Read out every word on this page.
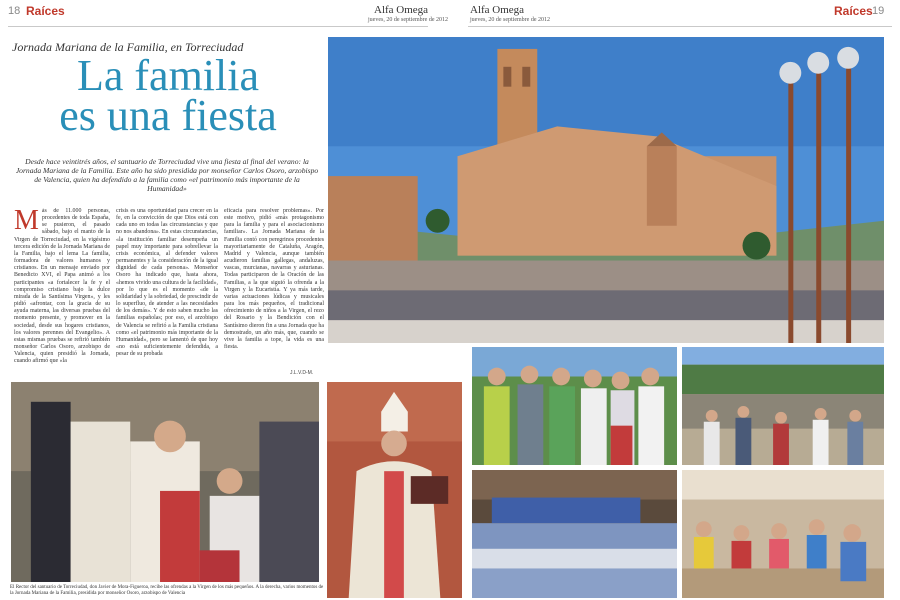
18 Raíces	Alfa Omega
jueves, 20 de septiembre de 2012
Alfa Omega
jueves, 20 de septiembre de 2012
Raíces 19
Jornada Mariana de la Familia, en Torreciudad
La familia
es una fiesta
Desde hace veintitrés años, el santuario de Torreciudad vive una fiesta al final del verano: la Jornada Mariana de la Familia. Este año ha sido presidida por monseñor Carlos Osoro, arzobispo de Valencia, quien ha defendido a la familia como «el patrimonio más importante de la Humanidad»
M ás de 11.000 personas, procedentes de toda España, se pusieron, el pasado sábado, bajo el manto de la Virgen de Torreciudad, en la vigésimo tercera edición de la Jornada Mariana de la Familia, bajo el lema La familia, formadora de valores humanos y cristianos. En un mensaje enviado por Benedicto XVI, el Papa animó a los participantes «a fortalecer la fe y el compromiso cristiano bajo la dulce mirada de la Santísima Virgen», y les pidió «afrontar, con la gracia de su ayuda materna, las diversas pruebas del momento presente, y promover en la sociedad, desde sus hogares cristianos, los valores perennes del Evangelio». A estas mismas pruebas se refirió también monseñor Carlos Osoro, arzobispo de Valencia, quien presidió la Jornada, cuando afirmó que «la
crisis es una oportunidad para crecer en la fe, en la convicción de que Dios está con cada uno en todas las circunstancias y que no nos abandona». En estas circunstancias, «la institución familiar desempeña un papel muy importante para sobrellevar la crisis económica, al defender valores permanentes y la consideración de la igual dignidad de cada persona». Monseñor Osoro ha indicado que, hasta ahora, «hemos vivido una cultura de la facilidad», por lo que es el momento «de la solidaridad y la sobriedad, de prescindir de lo superfluo, de atender a las necesidades de los demás». Y de esto saben mucho las familias españolas; por eso, el arzobispo de Valencia se refirió a la Familia cristiana como «el patrimonio más importante de la Humanidad», pero se lamentó de que hoy «no está suficientemente defendida, a pesar de su probada
eficacia para resolver problemas». Por este motivo, pidió «más protagonismo para la familia y para el asociacionismo familiar». La Jornada Mariana de la Familia contó con peregrinos procedentes mayoritariamente de Cataluña, Aragón, Madrid y Valencia, aunque también acudieron familias gallegas, andaluzas, vascas, murcianas, navarras y asturianas. Todas participaron de la Oración de las Familias, a la que siguió la ofrenda a la Virgen y la Eucaristía. Y ya más tarde, varias actuaciones lúdicas y musicales para los más pequeños, el tradicional ofrecimiento de niños a la Virgen, el rezo del Rosario y la Bendición con el Santísimo dieron fin a una Jornada que ha demostrado, un año más, que, cuando se vive la familia a tope, la vida es una fiesta.
J.L.V.D-M.
El Rector del santuario de Torreciudad, don Javier de Mora-Figueroa, recibe las ofrendas a la Virgen de los más pequeños. A la derecha, varios momentos de la Jornada Mariana de la Familia, presidida por monseñor Osoro, arzobispo de Valencia
